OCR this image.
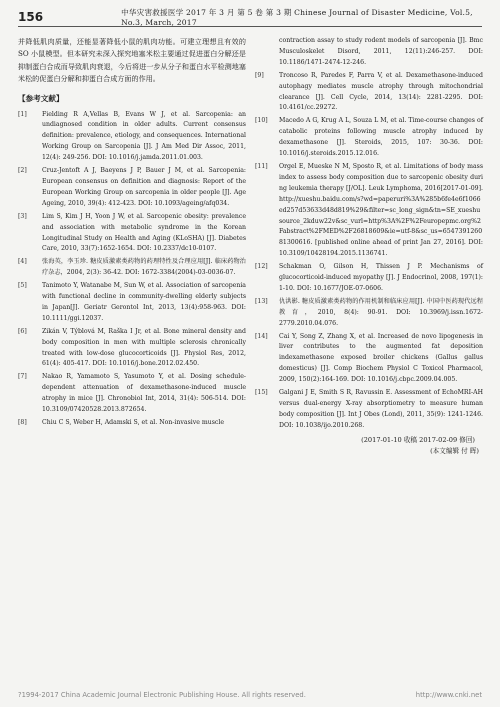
156	中华灾害救援医学 2017 年 3 月 第 5 卷 第 3 期 Chinese Journal of Disaster Medicine, Vol.5, No.3, March, 2017

并降低肌肉质量，还能显著降低小鼠的肌肉功能。可建立理想且有效的 SO 小鼠模型。但本研究未深入探究地塞米松主要通过促进蛋白分解还是抑制蛋白合成而导致肌肉衰退，今后将进一步从分子和蛋白水平检测地塞米松的促蛋白分解和抑蛋白合成方面的作用。

【参考文献】
[1]	Fielding R A,Vellas B, Evans W J, et al. Sarcopenia: an undiagnosed condition in older adults. Current consensus definition: prevalence, etiology, and consequences. International Working Group on Sarcopenia [J]. J Am Med Dir Assoc, 2011, 12(4): 249-256. DOI: 10.1016/j.jamda.2011.01.003.
[2]	Cruz-Jentoft A J, Baeyens J P, Bauer J M, et al. Sarcopenia: European consensus on definition and diagnosis: Report of the European Working Group on sarcopenia in older people [J]. Age Ageing, 2010, 39(4): 412-423. DOI: 10.1093/ageing/afq034.
[3]	Lim S, Kim J H, Yoon J W, et al. Sarcopenic obesity: prevalence and association with metabolic syndrome in the Korean Longitudinal Study on Health and Aging (KLoSHA) [J]. Diabetes Care, 2010, 33(7):1652-1654. DOI: 10.2337/dc10-0107.
[4]	张海英，李玉珍. 糖皮质激素类药物的药理特性及合理应用[J]. 临床药物治疗杂志，2004, 2(3): 36-42. DOI: 1672-3384(2004)-03-0036-07.
[5]	Tanimoto Y, Watanabe M, Sun W, et al. Association of sarcopenia with functional decline in community-dwelling elderly subjects in Japan[J]. Geriatr Gerontol Int, 2013, 13(4):958-963. DOI: 10.1111/ggi.12037.
[6]	Zikán V, Týblová M, Raška I Jr, et al. Bone mineral density and body composition in men with multiple sclerosis chronically treated with low-dose glucocorticoids [J]. Physiol Res, 2012, 61(4): 405-417. DOI: 10.1016/j.bone.2012.02.450.
[7]	Nakao R, Yamamoto S, Yasumoto Y, et al. Dosing schedule-dependent attenuation of dexamethasone-induced muscle atrophy in mice [J]. Chronobiol Int, 2014, 31(4): 506-514. DOI: 10.3109/07420528.2013.872654.
[8]	Chiu C S, Weber H, Adamski S, et al. Non-invasive muscle
contraction assay to study rodent models of sarcopenia [J]. Bmc Musculoskelet Disord, 2011, 12(11):246-257. DOI: 10.1186/1471-2474-12-246.
[9]	Troncoso R, Paredes F, Parra V, et al. Dexamethasone-induced autophagy mediates muscle atrophy through mitochondrial clearance [J]. Cell Cycle, 2014, 13(14): 2281-2295. DOI: 10.4161/cc.29272.
[10]	Macedo A G, Krug A L, Souza L M, et al. Time-course changes of catabolic proteins following muscle atrophy induced by dexamethasone [J]. Steroids, 2015, 107: 30-36. DOI: 10.1016/j.steroids.2015.12.016.
[11]	Orgel E, Mueske N M, Sposto R, et al. Limitations of body mass index to assess body composition due to sarcopenic obesity during leukemia therapy [J/OL]. Leuk Lymphoma, 2016[2017-01-09]. http://xueshu.baidu.com/s?wd=paperuri%3A%285b6fe4e6f1066ed257d53633d48d819%29&filter=sc_long_sign&tn=SE_xueshusource_2kduw22v&sc_vurl=http%3A%2F%2Feuropepmc.org%2Fabstract%2FMED%2F26818609&ie=utf-8&sc_us=654739126081300616. [published online ahead of print Jan 27, 2016]. DOI: 10.3109/10428194.2015.1136741.
[12]	Schakman O, Gilson H, Thissen J P. Mechanisms of glucocorticoid-induced myopathy [J]. J Endocrinol, 2008, 197(1): 1-10. DOI: 10.1677/JOE-07-0606.
[13]	仇洪影. 糖皮质激素类药物的作用机制和临床应用[J]. 中国中医药现代远程教育，2010, 8(4): 90-91. DOI: 10.3969/j.issn.1672-2779.2010.04.076.
[14]	Cai Y, Song Z, Zhang X, et al. Increased de novo lipogenesis in liver contributes to the augmented fat deposition indexamethasone exposed broiler chickens (Gallus gallus domesticus) [J]. Comp Biochem Physiol C Toxicol Pharmacol, 2009, 150(2):164-169. DOI: 10.1016/j.cbpc.2009.04.005.
[15]	Galgani J E, Smith S R, Ravussin E. Assessment of EchoMRI-AH versus dual-energy X-ray absorptiometry to measure human body composition [J]. Int J Obes (Lond), 2011, 35(9): 1241-1246. DOI: 10.1038/ijo.2010.268.
(2017-01-10 收稿 2017-02-09 修回)
(本文编辑 付 晖)
?1994-2017 China Academic Journal Electronic Publishing House. All rights reserved.	http://www.cnki.net
